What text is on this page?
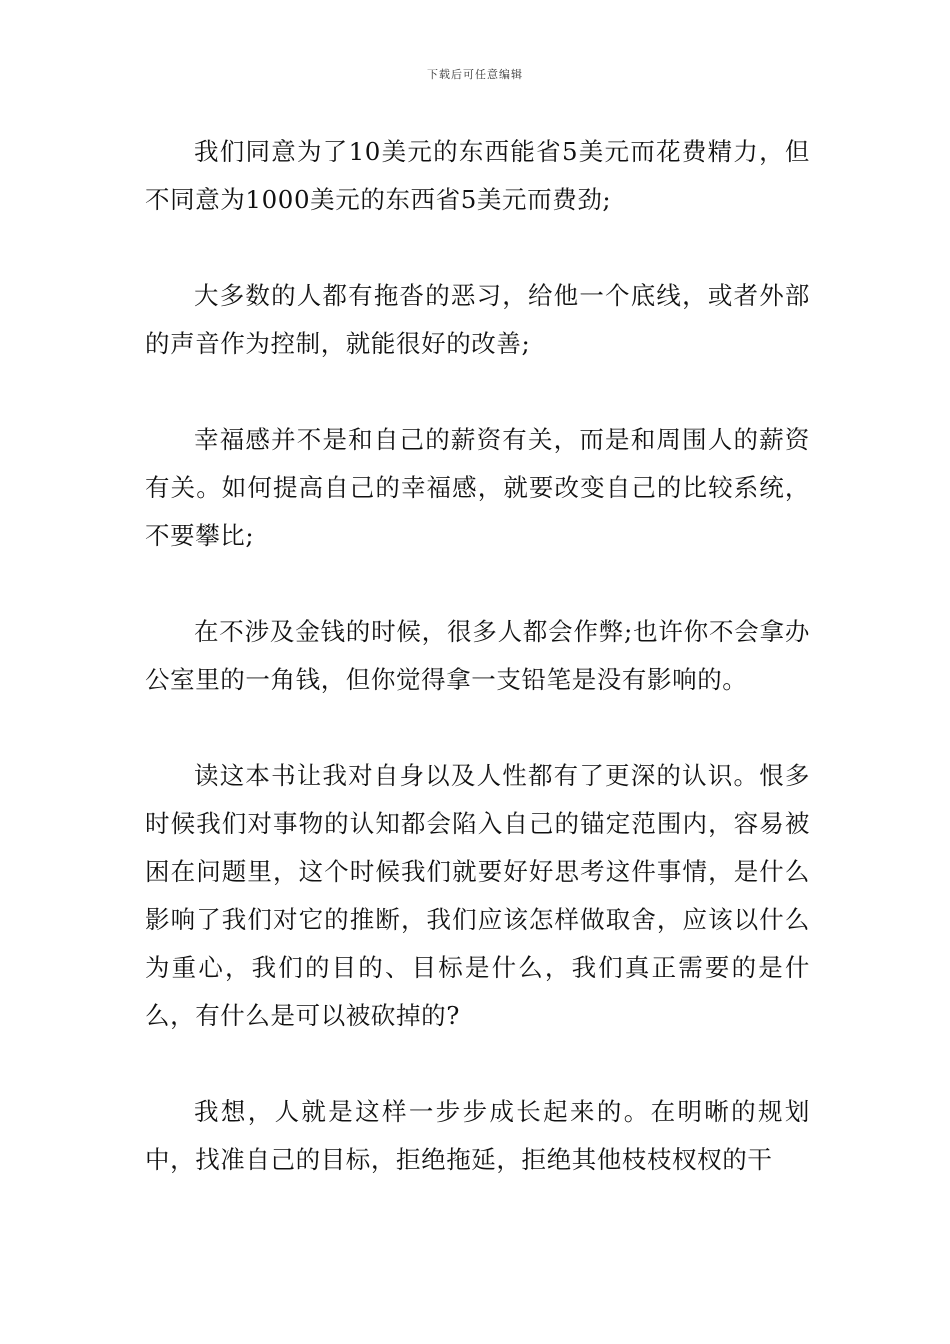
下载后可任意编辑

我们同意为了10美元的东西能省5美元而花费精力，但不同意为1000美元的东西省5美元而费劲;

大多数的人都有拖沓的恶习，给他一个底线，或者外部的声音作为控制，就能很好的改善;

幸福感并不是和自己的薪资有关，而是和周围人的薪资有关。如何提高自己的幸福感，就要改变自己的比较系统，不要攀比;

在不涉及金钱的时候，很多人都会作弊;也许你不会拿办公室里的一角钱，但你觉得拿一支铅笔是没有影响的。

读这本书让我对自身以及人性都有了更深的认识。恨多时候我们对事物的认知都会陷入自己的锚定范围内，容易被困在问题里，这个时候我们就要好好思考这件事情，是什么影响了我们对它的推断，我们应该怎样做取舍，应该以什么为重心，我们的目的、目标是什么，我们真正需要的是什么，有什么是可以被砍掉的?

我想，人就是这样一步步成长起来的。在明晰的规划中，找准自己的目标，拒绝拖延，拒绝其他枝枝杈杈的干
